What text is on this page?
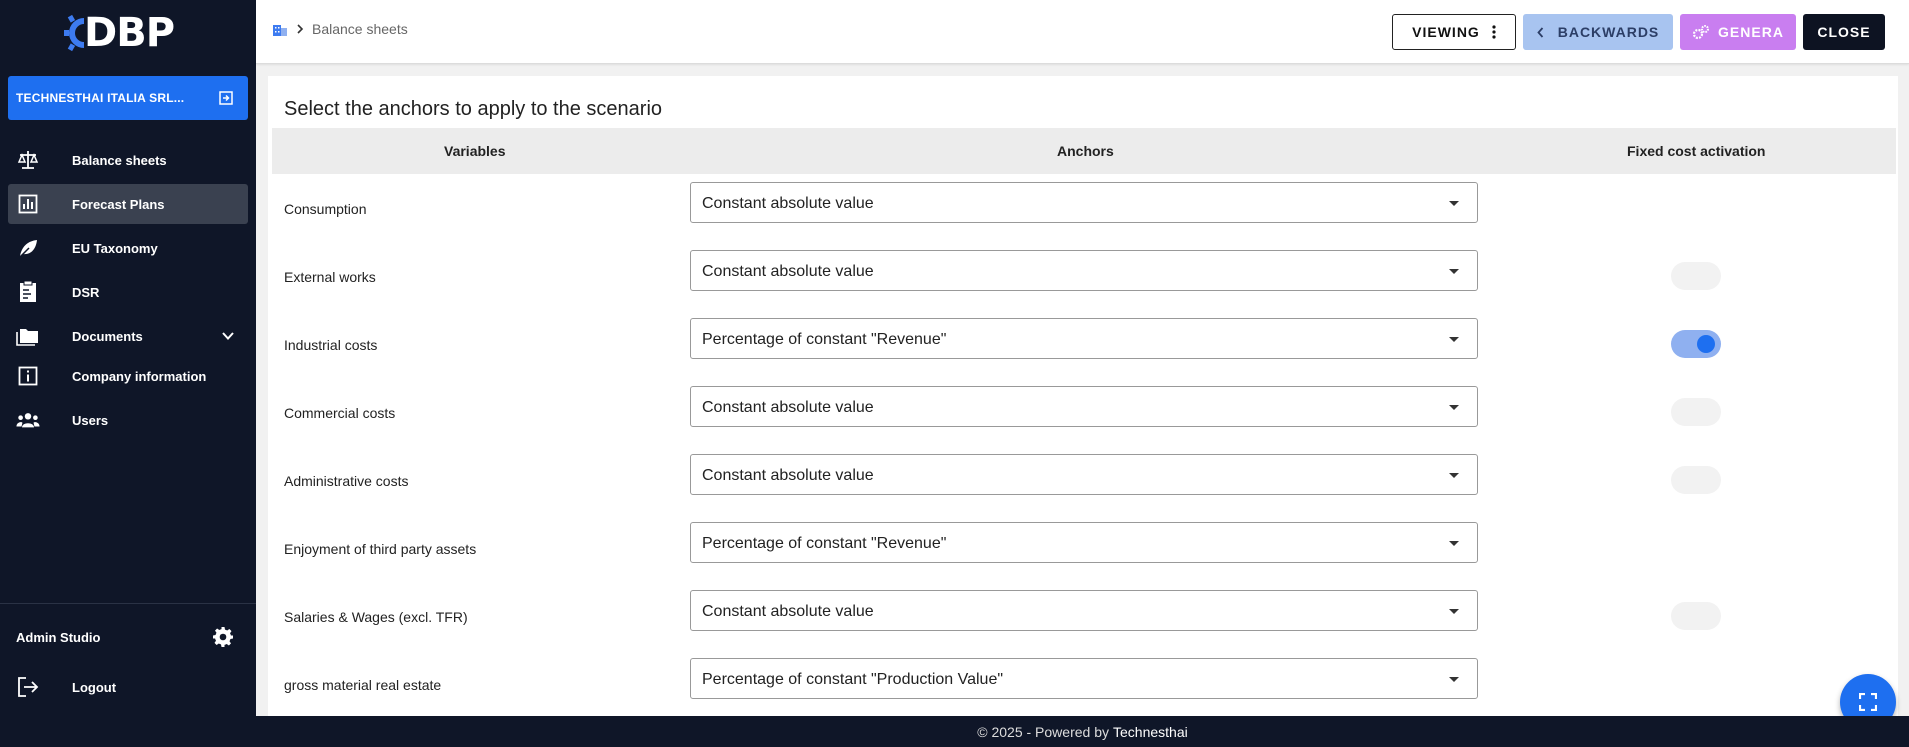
DBP
TECHNESTHAI ITALIA SRL...
Balance sheets
Forecast Plans
EU Taxonomy
DSR
Documents
Company information
Users
Admin Studio
Logout
Balance sheets	VIEWING	BACKWARDS	GENERA CLOSE
Select the anchors to apply to the scenario
Variables	Anchors	Fixed cost activation
Consumption	Constant absolute value
External works	Constant absolute value
Industrial costs	Percentage of constant "Revenue"
Commercial costs	Constant absolute value
Administrative costs	Constant absolute value
Enjoyment of third party assets	Percentage of constant "Revenue"
Salaries & Wages (excl. TFR)	Constant absolute value
gross material real estate	Percentage of constant "Production Value"
© 2025 - Powered by Technesthai
